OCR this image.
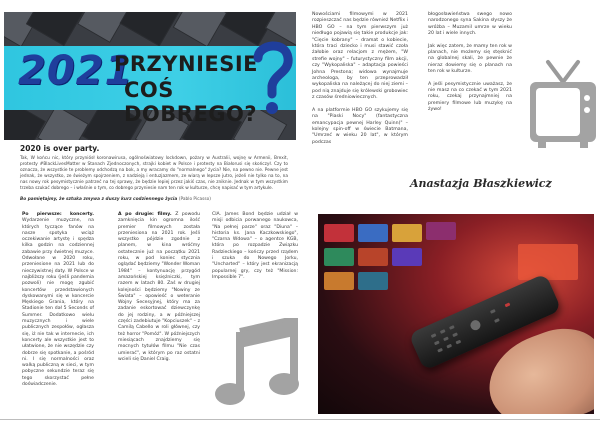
2021
PRZYNIESIE
COŚ DOBREGO?
2020 is over party.

Tak, W końcu nic, który przyniósł koronawirusa, ogólnoświatowy lockdown, pożary w Australii, wojnę w Armenii, Brexit, protesty #BlackLivesMatter w Stanach Zjednoczonych, strajki kobiet w Polsce i protesty na Białorusi się skończył. Czy to oznacza, że wszystkie te problemy odchodzą na bok, a my wracamy do "normalnego" życia? Nie, na pewno nie. Pewne jest jednak, że wszystko, ze świeżym spojrzeniem, z nadzieją i entuzjazmem, ze wiarą w lepsze jutro, jeżeli nie tylko na to, na nas nowy rok pesymistycznie patrzeć na tej sprawy, że będzie lepiej przez jakiś czas, nie zniknie. Jednak w tym wszystkim trzeba szukać dobrego – i właśnie o tym, co dobrego przyniesie nam ten rok w kulturze, chcę napisać w tym artykule.

Bo pamiętajmy, że sztuka zmywa z duszy kurz codziennego życia (Pablo Picasso)
Po pierwsze: koncerty. Wydarzenie muzyczne, na których tyczące fanów na nasze spotyka wciąż oczekiwanie artystę i spędza kilka godzin na codziennej zabawie przy świetnej muzyce. Odwołane w 2020 roku, przeniesione na 2021 lub do nieczywistnej daty. W Polsce w najbliższy roku (jeśli pandemia pozwoli) nie mogę zgubić koncertów przedstawionych dyskowanymi się w koncercie Męskiego Grania, który na Stadionie ten dał 5 Seconds of Summer. Dodatkowo wielu muzycznych i wiele publicznych zespołów, ogłasza się, iż nie tak w internecie, ich koncerty ale wszystkie jest to ułatwione, że nie wszędzie czy dobrze się spotkanie, a pośród ni. I się normalności oraz walką publiczną w sieci, w tym pobyczne sekundzie teraz się tego skorzystać pełne doświadczenie.
A po drugie: filmy. Z powodu zamknięcia kin ogromna ilość premier filmowych została przeniesiona na 2021 rok. Jeśli wszystko pójdzie zgodnie z planem, w kina wróćmy ostatecznie już na początku 2021 roku, w pod koniec stycznia oglądać będziemy "Wonder Woman 1984" – kontynuację przygód amazońskiej księżniczki, tym razem w latach 80. Zaś w drugiej kolejności będziemy "Nowiny ze Świata" – opowieść o weteranie Wojny Secesyjnej, który ma za zadanie eskortować dziewczynkę do jej rodziny, a w późniejszej części zadebiutuje "Kopciuszek" – z Camilą Cabello w roli głównej, czy też horror "Pomóż". W późniejszych miesiącach znajdziemy się mocnych tytułów filmu "Nie czas umierać", w którym po raz ostatni wcieli się Daniel Craig.
CIA. James Bond będzie udział w misji odbicia porwanego naukowca, "Na pełnej parze" oraz "Diuna" – historia ks. Jana Kaczkowskiego", "Czarna Wdowa" – o agentce KGB, która po rozpadzie Związku Radzieckiego – kończy przed rządem i szuka do Nowego Jorku, "Uncharted" – który jest ekranizacją popularnej gry, czy też "Mission: Impossible 7".
Nowościami filmowymi w 2021 rozpieszczać nas będzie również Netflix i HBO GO – na tym pierwszym już niedługo pojawią się takie produkcje jak: "Cięcie kobrany" – dramat o kobiecie, która traci dziecko i musi stawić czoła żałobie oraz relacjom z mężem, "W strefie wojny" – futurystyczny film akcji, czy "Wykopaliska" – adaptacja powieści Johna Prestona; widowa wynajmuje archeologa, by ten przeprowadził wykopaliska na należącej do niej ziemi – pod nią znajduje się królewski grobowiec z czasów średniowiecznych.
A na platformie HBO GO szykujemy się na "Piaski Nocy" (fantastyczna emancypacja pewnej Harley Quinn)" – kolejny spin-off w świecie Batmana, "Umrzeć w wieku 20 lat", w którym podczas
błogosławieństwa swego nowo narodzonego syna Sakina słyszy że wróżba – Muzamil umrze w wieku 20 lat i wiele innych.
Jak więc zatem, że mamy ten rok w planach, nie możemy się stęsknić na globalnej skali, że pewnie że nieraz dowiemy się o planach na ten rok w kulturze.
A jeśli pesymistycznie uważasz, że nie masz na co czekać w tym 2021 roku, czekaj przynajmniej na premiery filmowe lub muzykę na żywo!
Anastazja Błaszkiewicz
